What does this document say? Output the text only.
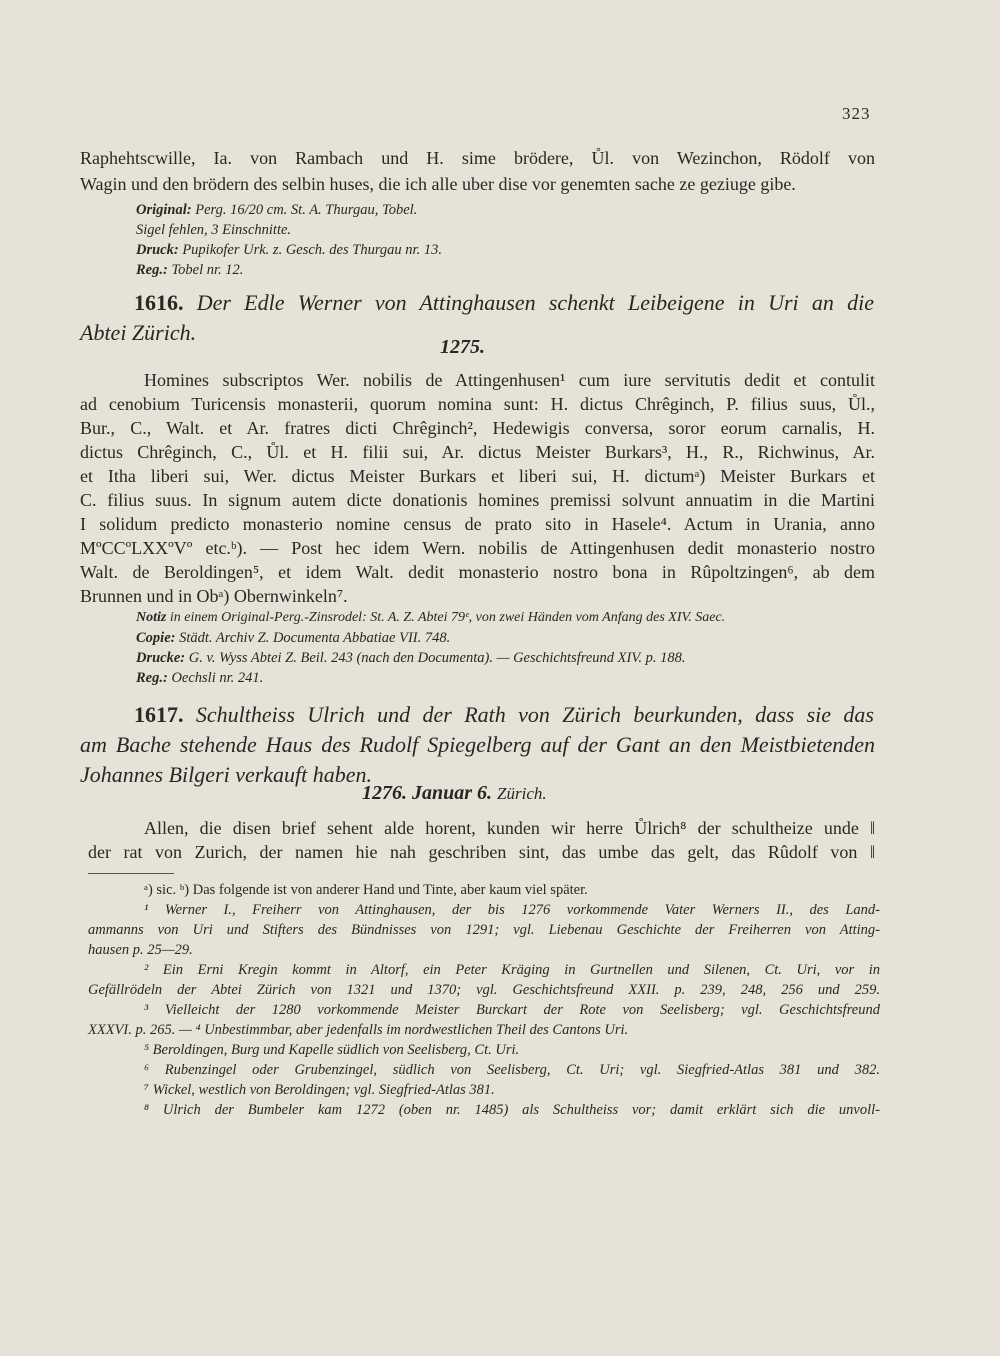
323
Raphehtscwille, Ia. von Rambach und H. sime brödere, Ůl. von Wezinchon, Rödolf von
Wagin und den brödern des selbin huses, die ich alle uber dise vor genemten sache ze geziuge gibe.
Original: Perg. 16/20 cm. St. A. Thurgau, Tobel.
Sigel fehlen, 3 Einschnitte.
Druck: Pupikofer Urk. z. Gesch. des Thurgau nr. 13.
Reg.: Tobel nr. 12.
1616. Der Edle Werner von Attinghausen schenkt Leibeigene in Uri an die
Abtei Zürich.
1275.
Homines subscriptos Wer. nobilis de Attingenhusen¹ cum iure servitutis dedit et contulit
ad cenobium Turicensis monasterii, quorum nomina sunt: H. dictus Chrêginch, P. filius suus, Ůl.,
Bur., C., Walt. et Ar. fratres dicti Chrêginch², Hedewigis conversa, soror eorum carnalis, H.
dictus Chrêginch, C., Ůl. et H. filii sui, Ar. dictus Meister Burkars³, H., R., Richwinus, Ar.
et Itha liberi sui, Wer. dictus Meister Burkars et liberi sui, H. dictumᵃ) Meister Burkars et
C. filius suus. In signum autem dicte donationis homines premissi solvunt annuatim in die Martini
I solidum predicto monasterio nomine census de prato sito in Hasele⁴. Actum in Urania, anno
MºCCºLXXºVº etc.ᵇ). — Post hec idem Wern. nobilis de Attingenhusen dedit monasterio nostro
Walt. de Beroldingen⁵, et idem Walt. dedit monasterio nostro bona in Rûpoltzingen⁶, ab dem
Brunnen und in Obᵃ) Obernwinkeln⁷.
Notiz in einem Original-Perg.-Zinsrodel: St. A. Z. Abtei 79ᵉ, von zwei Händen vom Anfang des XIV. Saec.
Copie: Städt. Archiv Z. Documenta Abbatiae VII. 748.
Drucke: G. v. Wyss Abtei Z. Beil. 243 (nach den Documenta). — Geschichtsfreund XIV. p. 188.
Reg.: Oechsli nr. 241.
1617. Schultheiss Ulrich und der Rath von Zürich beurkunden, dass sie das
am Bache stehende Haus des Rudolf Spiegelberg auf der Gant an den Meistbietenden
Johannes Bilgeri verkauft haben.
1276. Januar 6. Zürich.
Allen, die disen brief sehent alde horent, kunden wir herre Ůlrich⁸ der schultheize unde ‖
der rat von Zurich, der namen hie nah geschriben sint, das umbe das gelt, das Rûdolf von ‖
ᵃ) sic. ᵇ) Das folgende ist von anderer Hand und Tinte, aber kaum viel später.
¹ Werner I., Freiherr von Attinghausen, der bis 1276 vorkommende Vater Werners II., des Land-
ammanns von Uri und Stifters des Bündnisses von 1291; vgl. Liebenau Geschichte der Freiherren von Atting-
hausen p. 25—29.
² Ein Erni Kregin kommt in Altorf, ein Peter Kräging in Gurtnellen und Silenen, Ct. Uri, vor in
Gefällrödeln der Abtei Zürich von 1321 und 1370; vgl. Geschichtsfreund XXII. p. 239, 248, 256 und 259.
³ Vielleicht der 1280 vorkommende Meister Burckart der Rote von Seelisberg; vgl. Geschichtsfreund
XXXVI. p. 265. — ⁴ Unbestimmbar, aber jedenfalls im nordwestlichen Theil des Cantons Uri.
⁵ Beroldingen, Burg und Kapelle südlich von Seelisberg, Ct. Uri.
⁶ Rubenzingel oder Grubenzingel, südlich von Seelisberg, Ct. Uri; vgl. Siegfried-Atlas 381 und 382.
⁷ Wickel, westlich von Beroldingen; vgl. Siegfried-Atlas 381.
⁸ Ulrich der Bumbeler kam 1272 (oben nr. 1485) als Schultheiss vor; damit erklärt sich die unvoll-
